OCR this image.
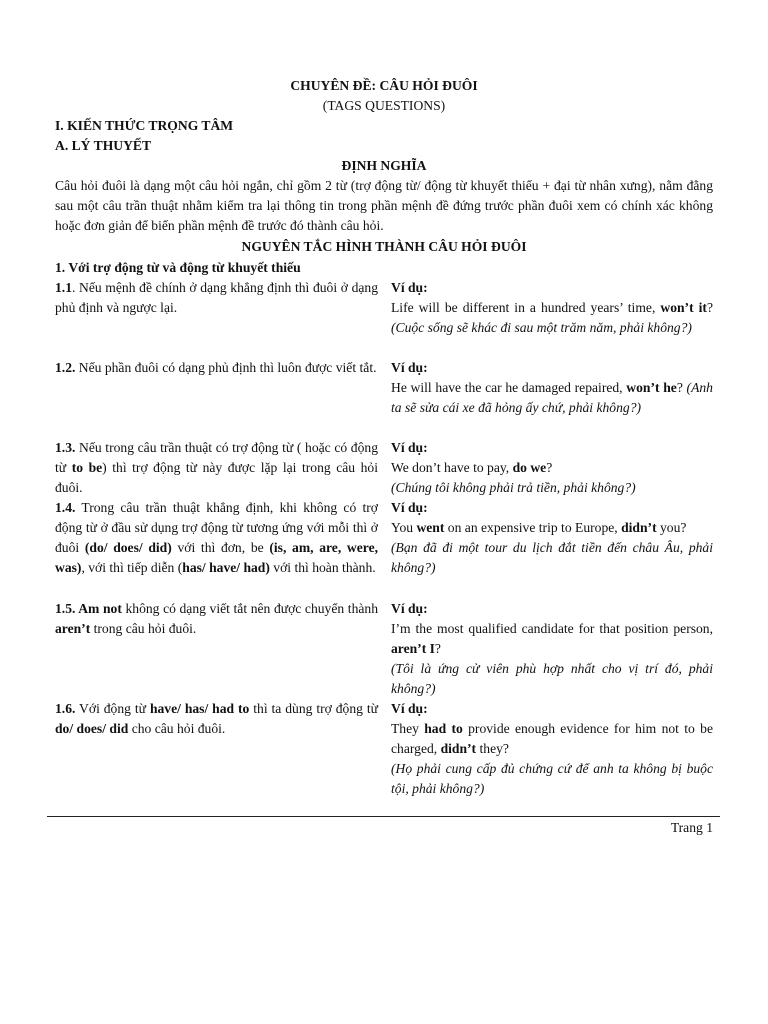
CHUYÊN ĐỀ: CÂU HỎI ĐUÔI
(TAGS QUESTIONS)
I. KIẾN THỨC TRỌNG TÂM
A. LÝ THUYẾT
ĐỊNH NGHĨA
Câu hỏi đuôi là dạng một câu hỏi ngắn, chỉ gồm 2 từ (trợ động từ/ động từ khuyết thiếu + đại từ nhân xưng), nằm đằng sau một câu trần thuật nhằm kiểm tra lại thông tin trong phần mệnh đề đứng trước phần đuôi xem có chính xác không hoặc đơn giản để biến phần mệnh đề trước đó thành câu hỏi.
NGUYÊN TẮC HÌNH THÀNH CÂU HỎI ĐUÔI
1. Với trợ động từ và động từ khuyết thiếu
1.1. Nếu mệnh đề chính ở dạng khẳng định thì đuôi ở dạng phủ định và ngược lại.
Ví dụ:
Life will be different in a hundred years’ time, won’t it? (Cuộc sống sẽ khác đi sau một trăm năm, phải không?)
1.2. Nếu phần đuôi có dạng phủ định thì luôn được viết tắt. Ví dụ:
He will have the car he damaged repaired, won’t he? (Anh ta sẽ sửa cái xe đã hỏng ấy chứ, phải không?)
1.3. Nếu trong câu trần thuật có trợ động từ ( hoặc có động từ to be) thì trợ động từ này được lặp lại trong câu hỏi đuôi.
Ví dụ:
We don’t have to pay, do we?
(Chúng tôi không phải trả tiền, phải không?)
1.4. Trong câu trần thuật khẳng định, khi không có trợ động từ ở đầu sử dụng trợ động từ tương ứng với mỗi thì ở đuôi (do/ does/ did) với thì đơn, be (is, am, are, were, was), với thì tiếp diễn (has/ have/ had) với thì hoàn thành.
Ví dụ:
You went on an expensive trip to Europe, didn’t you?
(Bạn đã đi một tour du lịch đắt tiền đến châu Âu, phải không?)
1.5. Am not không có dạng viết tắt nên được chuyển thành aren’t trong câu hỏi đuôi.
Ví dụ:
I’m the most qualified candidate for that position person, aren’t I?
(Tôi là ứng cử viên phù hợp nhất cho vị trí đó, phải không?)
1.6. Với động từ have/ has/ had to thì ta dùng trợ động từ do/ does/ did cho câu hỏi đuôi.
Ví dụ:
They had to provide enough evidence for him not to be charged, didn’t they?
(Họ phải cung cấp đủ chứng cứ để anh ta không bị buộc tội, phải không?)
Trang 1
